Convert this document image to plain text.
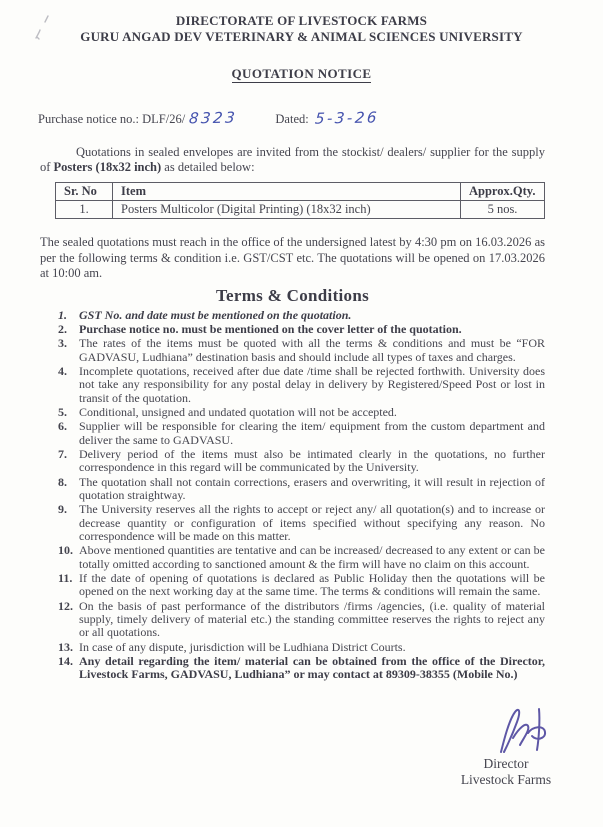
DIRECTORATE OF LIVESTOCK FARMS
GURU ANGAD DEV VETERINARY & ANIMAL SCIENCES UNIVERSITY
QUOTATION NOTICE
Purchase notice no.: DLF/26/ 8323	Dated: 5-3-26
Quotations in sealed envelopes are invited from the stockist/ dealers/ supplier for the supply of Posters (18x32 inch) as detailed below:
Sr. No	Item	Approx.Qty.
1.	Posters Multicolor (Digital Printing) (18x32 inch)	5 nos.
The sealed quotations must reach in the office of the undersigned latest by 4:30 pm on 16.03.2026 as per the following terms & condition i.e. GST/CST etc. The quotations will be opened on 17.03.2026 at 10:00 am.
Terms & Conditions
1.	GST No. and date must be mentioned on the quotation.
2.	Purchase notice no. must be mentioned on the cover letter of the quotation.
3.	The rates of the items must be quoted with all the terms & conditions and must be “FOR GADVASU, Ludhiana” destination basis and should include all types of taxes and charges.
4.	Incomplete quotations, received after due date /time shall be rejected forthwith. University does not take any responsibility for any postal delay in delivery by Registered/Speed Post or lost in transit of the quotation.
5.	Conditional, unsigned and undated quotation will not be accepted.
6.	Supplier will be responsible for clearing the item/ equipment from the custom department and deliver the same to GADVASU.
7.	Delivery period of the items must also be intimated clearly in the quotations, no further correspondence in this regard will be communicated by the University.
8.	The quotation shall not contain corrections, erasers and overwriting, it will result in rejection of quotation straightway.
9.	The University reserves all the rights to accept or reject any/ all quotation(s) and to increase or decrease quantity or configuration of items specified without specifying any reason. No correspondence will be made on this matter.
10. Above mentioned quantities are tentative and can be increased/ decreased to any extent or can be totally omitted according to sanctioned amount & the firm will have no claim on this account.
11. If the date of opening of quotations is declared as Public Holiday then the quotations will be opened on the next working day at the same time. The terms & conditions will remain the same.
12. On the basis of past performance of the distributors /firms /agencies, (i.e. quality of material supply, timely delivery of material etc.) the standing committee reserves the rights to reject any or all quotations.
13. In case of any dispute, jurisdiction will be Ludhiana District Courts.
14. Any detail regarding the item/ material can be obtained from the office of the Director, Livestock Farms, GADVASU, Ludhiana” or may contact at 89309-38355 (Mobile No.)
Director
Livestock Farms
